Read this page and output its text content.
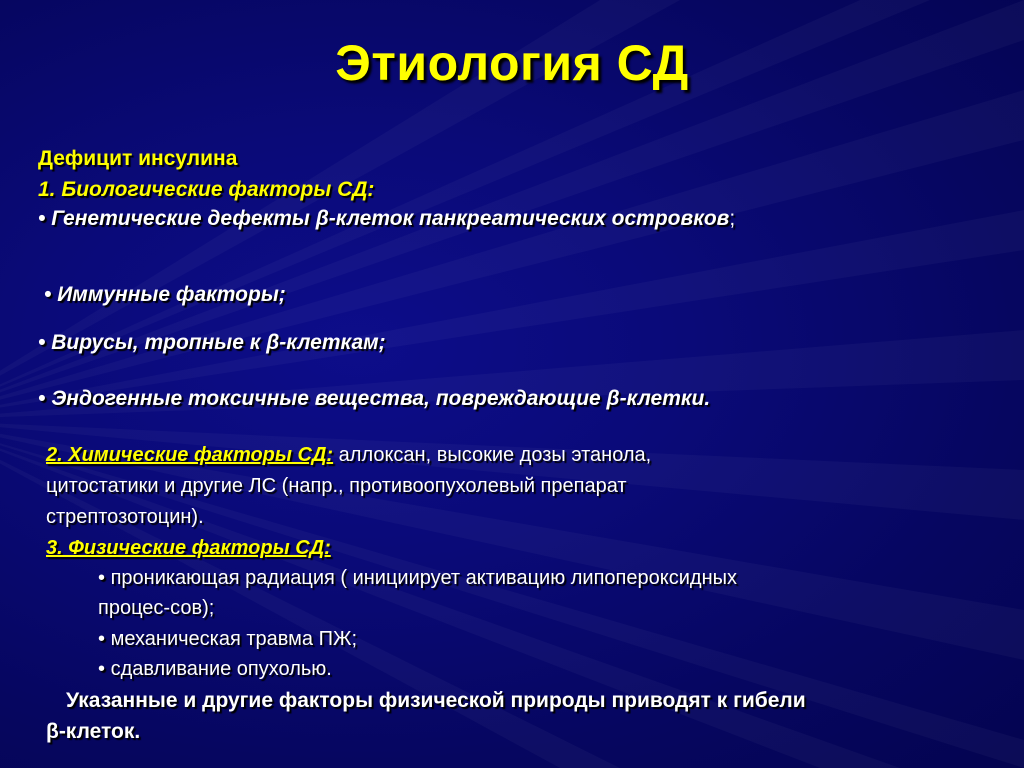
Этиология СД
Дефицит инсулина
1. Биологические факторы СД:
• Генетические дефекты β-клеток панкреатических островков;
• Иммунные факторы;
• Вирусы, тропные к β-клеткам;
• Эндогенные токсичные вещества, повреждающие β-клетки.
2. Химические факторы СД: аллоксан, высокие дозы этанола,
цитостатики и другие ЛС (напр., противоопухолевый препарат
стрептозотоцин).
3. Физические факторы СД:
• проникающая радиация ( инициирует активацию липопероксидных
процес-сов);
• механическая травма ПЖ;
• сдавливание опухолью.
Указанные и другие факторы физической природы приводят к гибели
β-клеток.
